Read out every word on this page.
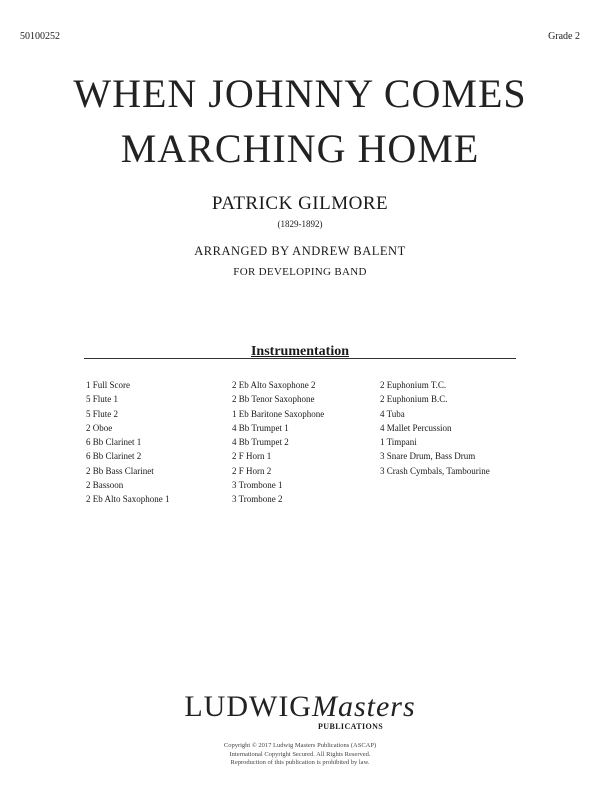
50100252	Grade 2
WHEN JOHNNY COMES
MARCHING HOME
PATRICK GILMORE
(1829-1892)
ARRANGED BY ANDREW BALENT
FOR DEVELOPING BAND
Instrumentation
1 Full Score
5 Flute 1
5 Flute 2
2 Oboe
6 Bb Clarinet 1
6 Bb Clarinet 2
2 Bb Bass Clarinet
2 Bassoon
2 Eb Alto Saxophone 1
2 Eb Alto Saxophone 2
2 Bb Tenor Saxophone
1 Eb Baritone Saxophone
4 Bb Trumpet 1
4 Bb Trumpet 2
2 F Horn 1
2 F Horn 2
3 Trombone 1
3 Trombone 2
2 Euphonium T.C.
2 Euphonium B.C.
4 Tuba
4 Mallet Percussion
1 Timpani
3 Snare Drum, Bass Drum
3 Crash Cymbals, Tambourine
LUDWIGMasters
PUBLICATIONS
Copyright © 2017 Ludwig Masters Publications (ASCAP)
International Copyright Secured. All Rights Reserved.
Reproduction of this publication is prohibited by law.
